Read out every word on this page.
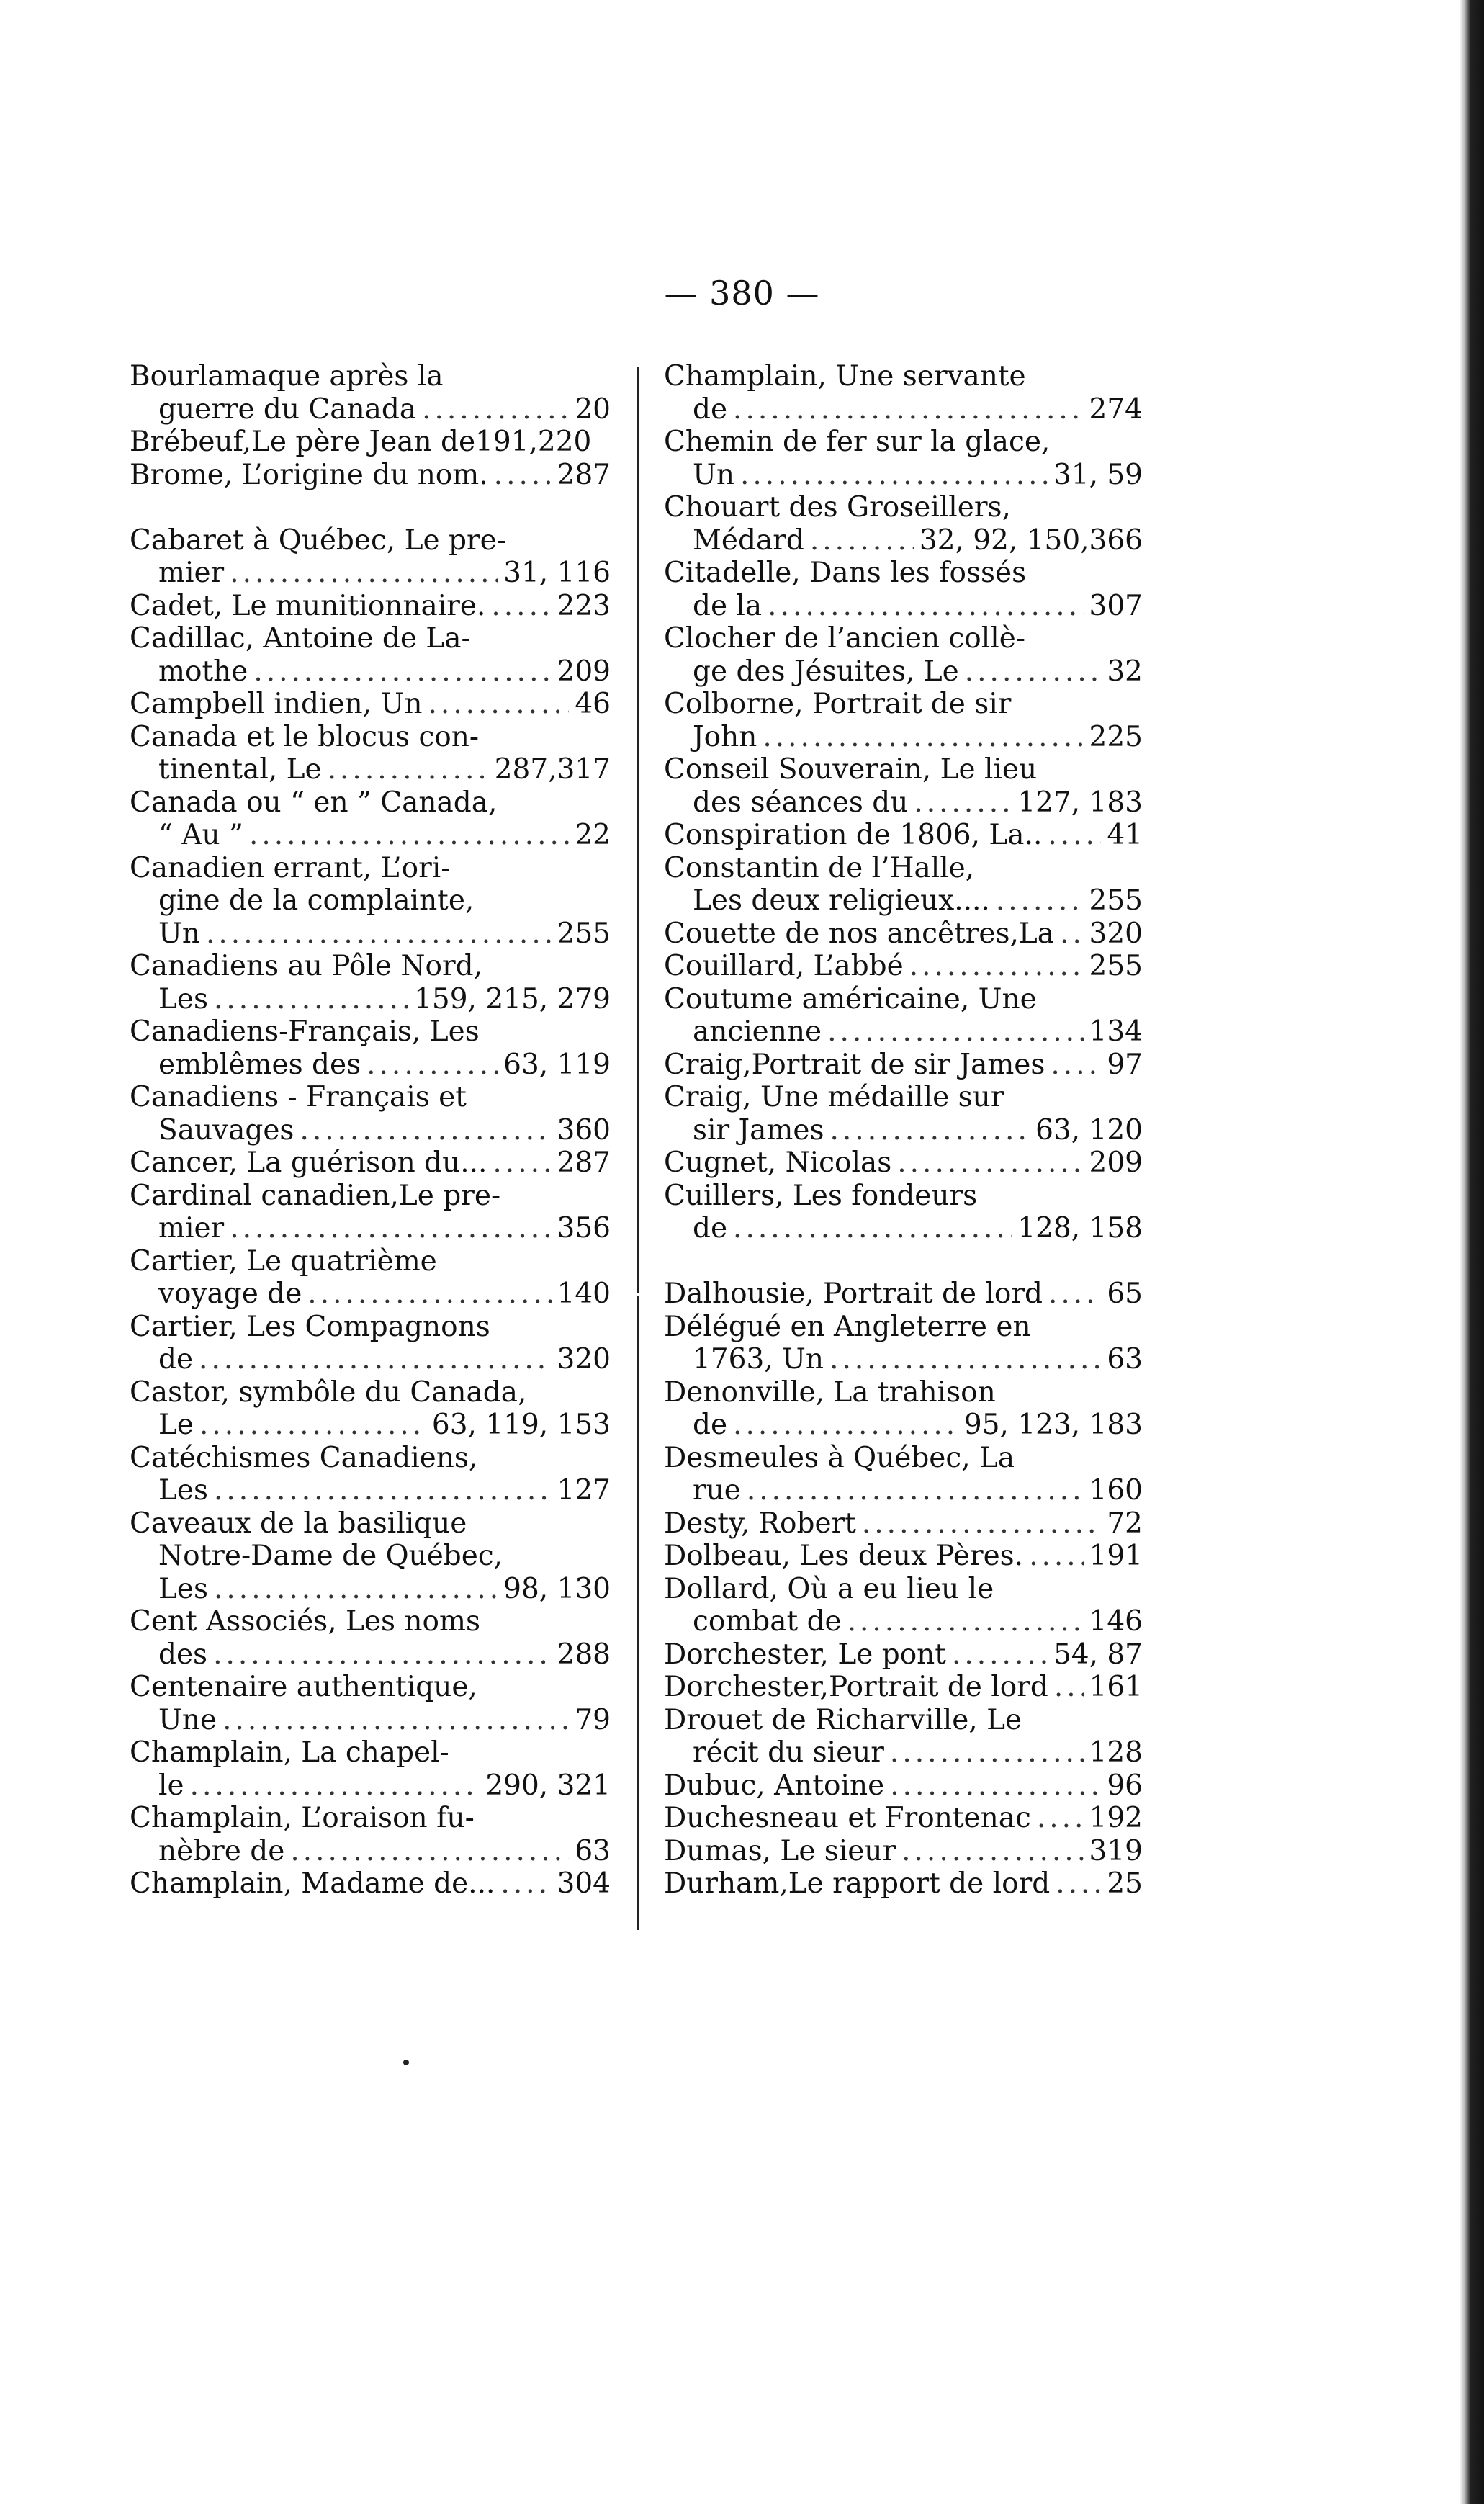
— 380 —
Bourlamaque après la
guerre du Canada .....	20
Brébeuf,Le père Jean de191,220
Brome, L’origine du nom. ..... 287
Cabaret à Québec, Le pre-
mier .....	31, 116
Cadet, Le munitionnaire. .....	223
Cadillac, Antoine de La-
mothe .....	209
Campbell indien, Un .....	46
Canada et le blocus con-
tinental, Le .....	287,317
Canada ou “ en ” Canada,
“ Au ” .....	22
Canadien errant, L’ori-
gine de la complainte,
Un .....	255
Canadiens au Pôle Nord,
Les .....	159, 215, 279
Canadiens-Français, Les
emblêmes des .....	63, 119
Canadiens - Français et
Sauvages .....	360
Cancer, La guérison du... ..... 287
Cardinal canadien,Le pre-
mier .....	356
Cartier, Le quatrième
voyage de .....	140
Cartier, Les Compagnons
de .....	320
Castor, symbôle du Canada,
Le .....	63, 119, 153
Catéchismes Canadiens,
Les .....	127
Caveaux de la basilique
Notre-Dame de Québec,
Les .....	98, 130
Cent Associés, Les noms
des .....	288
Centenaire authentique,
Une .....	79
Champlain, La chapel-
le .....	290, 321
Champlain, L’oraison fu-
nèbre de .....	63
Champlain, Madame de... ..... 304
Champlain, Une servante
de .....	274
Chemin de fer sur la glace,
Un .....	31, 59
Chouart des Groseillers,
Médard .....	32, 92, 150,366
Citadelle, Dans les fossés
de la .....	307
Clocher de l’ancien collè-
ge des Jésuites, Le .....	32
Colborne, Portrait de sir
John .....	225
Conseil Souverain, Le lieu
des séances du .....	127, 183
Conspiration de 1806, La.. ..... 41
Constantin de l’Halle,
Les deux religieux.... .....	255
Couette de nos ancêtres,La ..... 320
Couillard, L’abbé .....	255
Coutume américaine, Une
ancienne .....	134
Craig,Portrait de sir James ..... 97
Craig, Une médaille sur
sir James .....	63, 120
Cugnet, Nicolas .....	209
Cuillers, Les fondeurs
de .....	128, 158
Dalhousie, Portrait de lord ..... 65
Délégué en Angleterre en
1763, Un .....	63
Denonville, La trahison
de .....	95, 123, 183
Desmeules à Québec, La
rue .....	160
Desty, Robert .....	72
Dolbeau, Les deux Pères. ..... 191
Dollard, Où a eu lieu le
combat de .....	146
Dorchester, Le pont .....	54, 87
Dorchester,Portrait de lord ..... 161
Drouet de Richarville, Le
récit du sieur .....	128
Dubuc, Antoine .....	96
Duchesneau et Frontenac ..... 192
Dumas, Le sieur .....	319
Durham,Le rapport de lord ..... 25
